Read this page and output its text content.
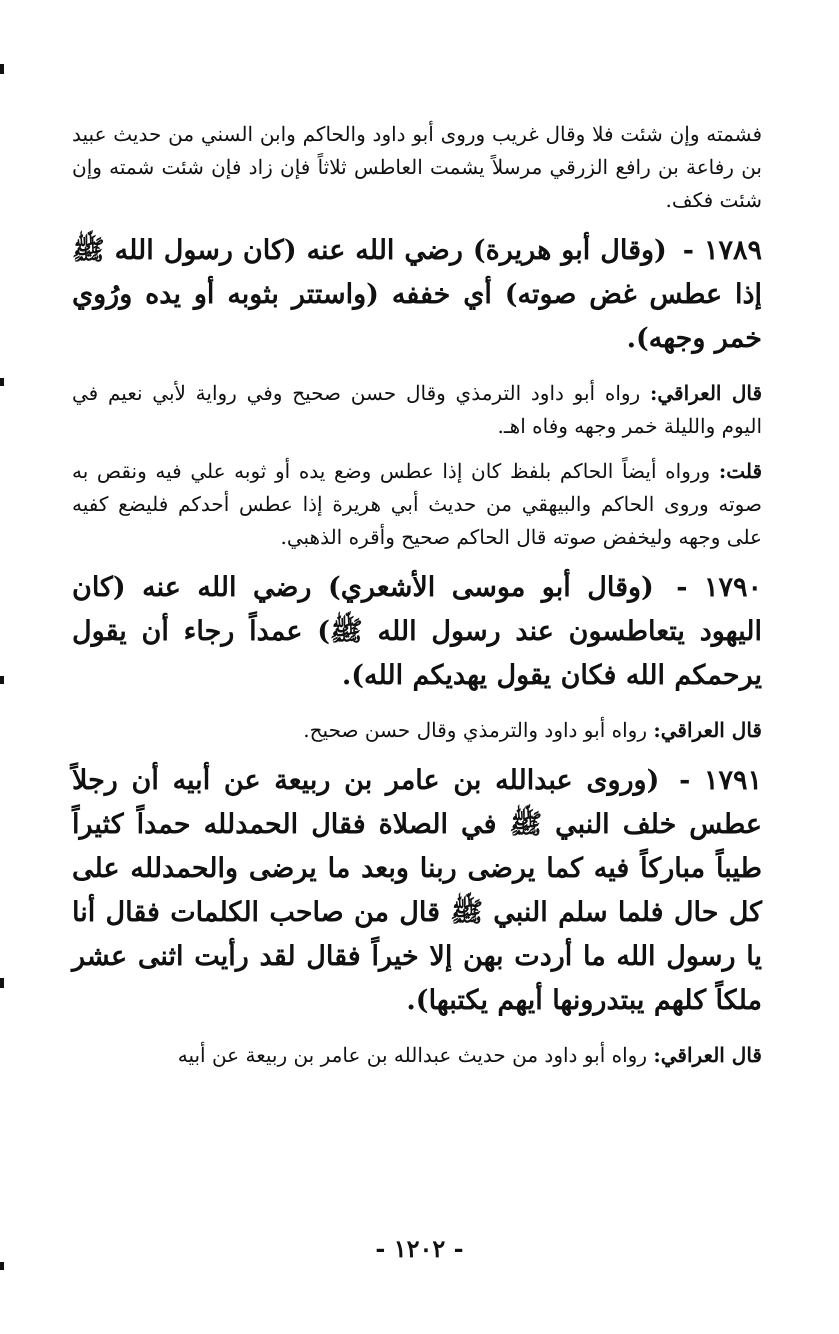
فشمته وإن شئت فلا وقال غريب وروى أبو داود والحاكم وابن السني من حديث عبيد بن رفاعة بن رافع الزرقي مرسلاً يشمت العاطس ثلاثاً فإن زاد فإن شئت شمته وإن شئت فكف.

١٧٨٩ - (وقال أبو هريرة) رضي الله عنه (كان رسول الله ﷺ إذا عطس غض صوته) أي خففه (واستتر بثوبه أو يده ورُوي خمر وجهه).

قال العراقي: رواه أبو داود الترمذي وقال حسن صحيح وفي رواية لأبي نعيم في اليوم والليلة خمر وجهه وفاه اهـ.

قلت: ورواه أيضاً الحاكم بلفظ كان إذا عطس وضع يده أو ثوبه علي فيه ونقص به صوته وروى الحاكم والبيهقي من حديث أبي هريرة إذا عطس أحدكم فليضع كفيه على وجهه وليخفض صوته قال الحاكم صحيح وأقره الذهبي.

١٧٩٠ - (وقال أبو موسى الأشعري) رضي الله عنه (كان اليهود يتعاطسون عند رسول الله ﷺ) عمداً رجاء أن يقول يرحمكم الله فكان يقول يهديكم الله).

قال العراقي: رواه أبو داود والترمذي وقال حسن صحيح.

١٧٩١ - (وروى عبدالله بن عامر بن ربيعة عن أبيه أن رجلاً عطس خلف النبي ﷺ في الصلاة فقال الحمدلله حمداً كثيراً طيباً مباركاً فيه كما يرضى ربنا وبعد ما يرضى والحمدلله على كل حال فلما سلم النبي ﷺ قال من صاحب الكلمات فقال أنا يا رسول الله ما أردت بهن إلا خيراً فقال لقد رأيت اثنى عشر ملكاً كلهم يبتدرونها أيهم يكتبها).

قال العراقي: رواه أبو داود من حديث عبدالله بن عامر بن ربيعة عن أبيه

- ١٢٠٢ -
